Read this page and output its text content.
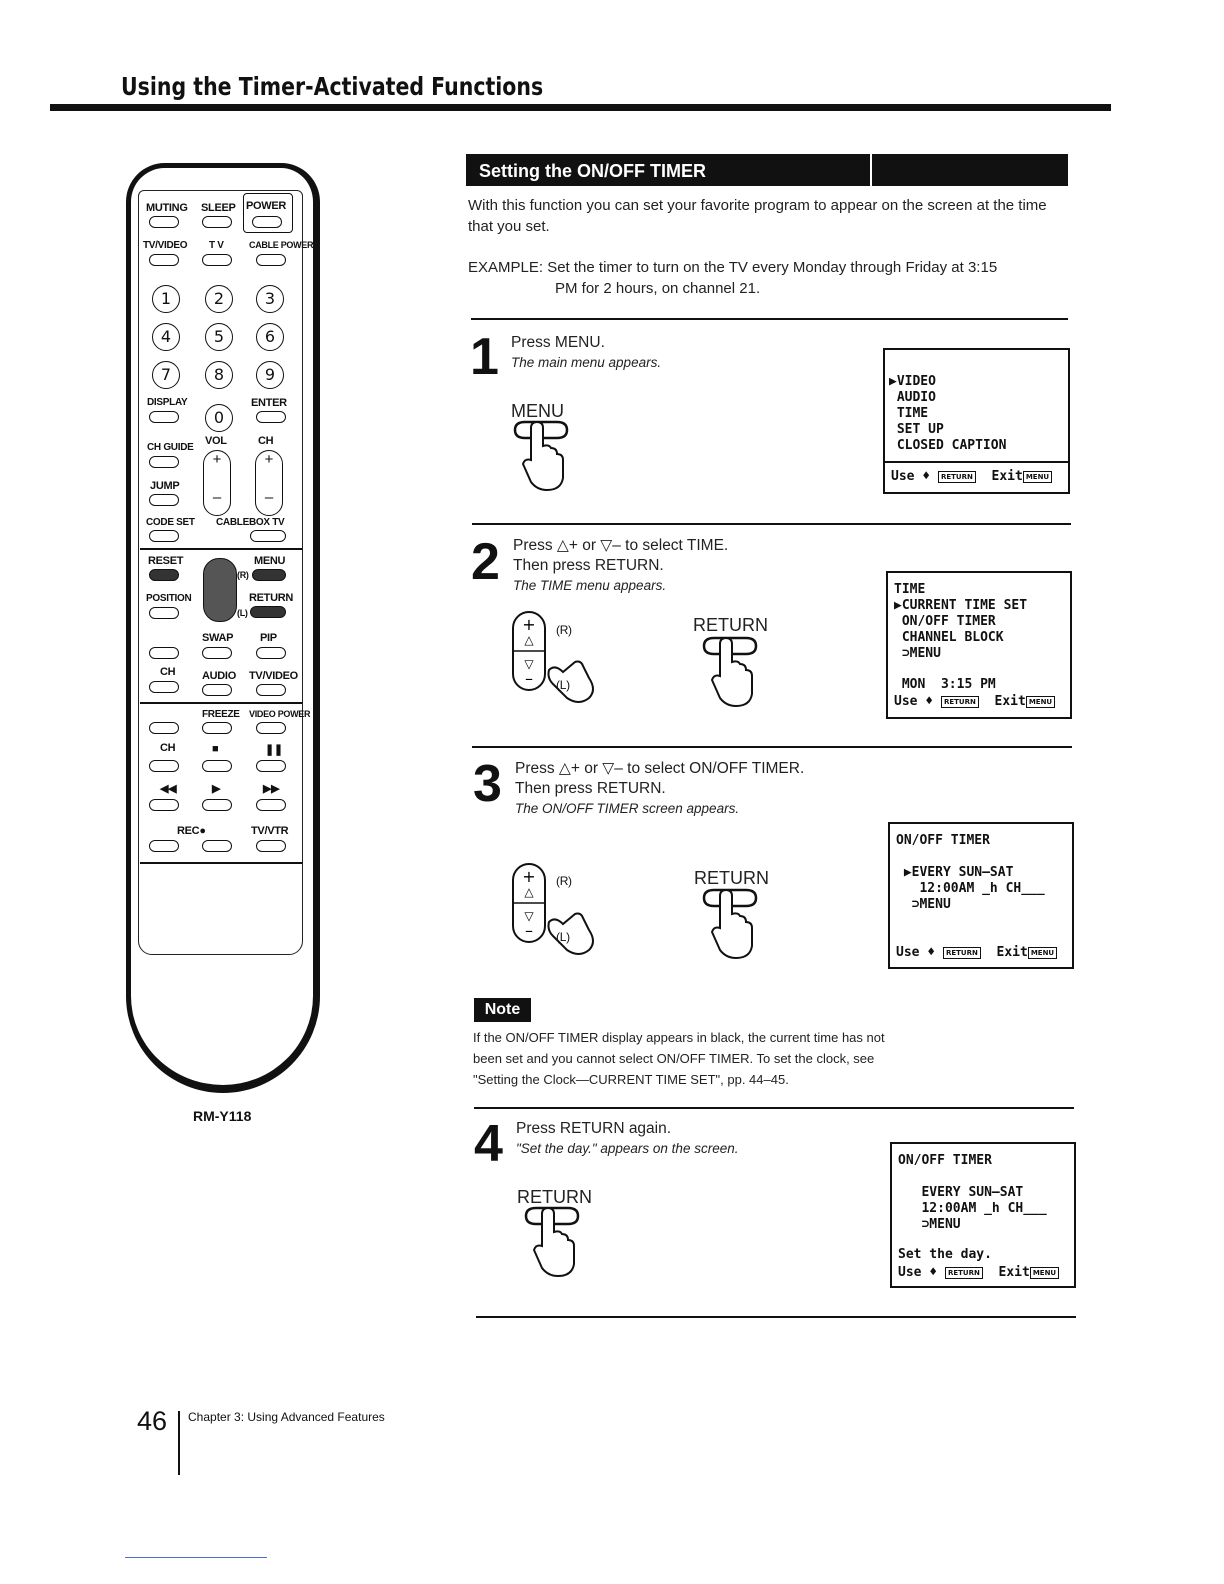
Using the Timer-Activated Functions
MUTING SLEEP POWER
TV/VIDEO T V	CABLE POWER
1	2	3
4	5	6
7	8	9
DISPLAY
0
ENTER
CH GUIDE
VOL	CH
+
–
+
–
JUMP
CODE SET CABLEBOX TV
RESET	MENU
(R)
(L)
POSITION	RETURN
SWAP PIP
CH AUDIO TV/VIDEO
FREEZE VIDEO POWER
CH	■	❚❚
◀◀	▶	▶▶
REC●	TV/VTR
RM-Y118
Setting the ON/OFF TIMER
With this function you can set your favorite program to appear on the screen at the time that you set.
EXAMPLE: Set the timer to turn on the TV every Monday through Friday at 3:15
PM for 2 hours, on channel 21.
1 Press MENU.
The main menu appears.
MENU
▶VIDEO
AUDIO
TIME
SET UP
CLOSED CAPTION
Use ♦ RETURN Exit MENU
2 Press △+ or ▽– to select TIME.
Then press RETURN.
The TIME menu appears.
+
△
▽
–
(R)
(L)
RETURN
TIME
▶CURRENT TIME SET
ON/OFF TIMER
CHANNEL BLOCK
⊃MENU
MON  3:15 PM
Use ♦ RETURN Exit MENU
3 Press △+ or ▽– to select ON/OFF TIMER.
Then press RETURN.
The ON/OFF TIMER screen appears.
+
△
▽
–
(R)
(L)
RETURN
ON/OFF TIMER
▶EVERY SUN–SAT
12:00AM _h CH___
⊃MENU
Use ♦ RETURN Exit MENU
Note
If the ON/OFF TIMER display appears in black, the current time has not
been set and you cannot select ON/OFF TIMER. To set the clock, see
"Setting the Clock—CURRENT TIME SET", pp. 44–45.
4 Press RETURN again.
"Set the day." appears on the screen.
RETURN
ON/OFF TIMER
EVERY SUN–SAT
12:00AM _h CH___
⊃MENU
Set the day.
Use ♦ RETURN Exit MENU
46 Chapter 3: Using Advanced Features
